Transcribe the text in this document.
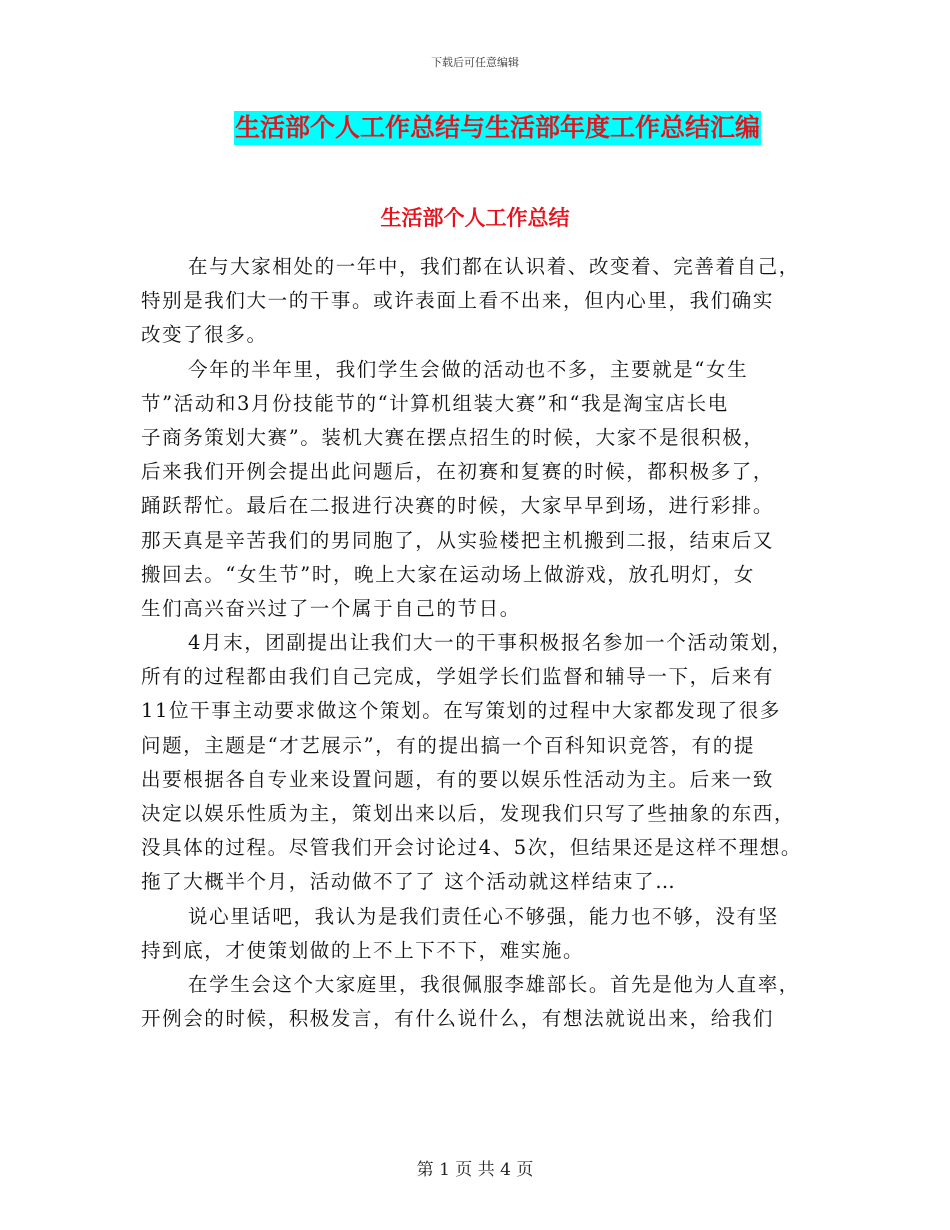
下载后可任意编辑
生活部个人工作总结与生活部年度工作总结汇编
生活部个人工作总结
在与大家相处的一年中，我们都在认识着、改变着、完善着自己，
特别是我们大一的干事。或许表面上看不出来，但内心里，我们确实
改变了很多。
今年的半年里，我们学生会做的活动也不多，主要就是“女生
节”活动和3月份技能节的“计算机组装大赛”和“我是淘宝店长电
子商务策划大赛”。装机大赛在摆点招生的时候，大家不是很积极，
后来我们开例会提出此问题后，在初赛和复赛的时候，都积极多了，
踊跃帮忙。最后在二报进行决赛的时候，大家早早到场，进行彩排。
那天真是辛苦我们的男同胞了，从实验楼把主机搬到二报，结束后又
搬回去。“女生节”时，晚上大家在运动场上做游戏，放孔明灯，女
生们高兴奋兴过了一个属于自己的节日。
4月末，团副提出让我们大一的干事积极报名参加一个活动策划，
所有的过程都由我们自己完成，学姐学长们监督和辅导一下，后来有
11位干事主动要求做这个策划。在写策划的过程中大家都发现了很多
问题，主题是“才艺展示”，有的提出搞一个百科知识竞答，有的提
出要根据各自专业来设置问题，有的要以娱乐性活动为主。后来一致
决定以娱乐性质为主，策划出来以后，发现我们只写了些抽象的东西，
没具体的过程。尽管我们开会讨论过4、5次，但结果还是这样不理想。
拖了大概半个月，活动做不了了 这个活动就这样结束了…
说心里话吧，我认为是我们责任心不够强，能力也不够，没有坚
持到底，才使策划做的上不上下不下，难实施。
在学生会这个大家庭里，我很佩服李雄部长。首先是他为人直率，
开例会的时候，积极发言，有什么说什么，有想法就说出来，给我们
第 1 页 共 4 页
